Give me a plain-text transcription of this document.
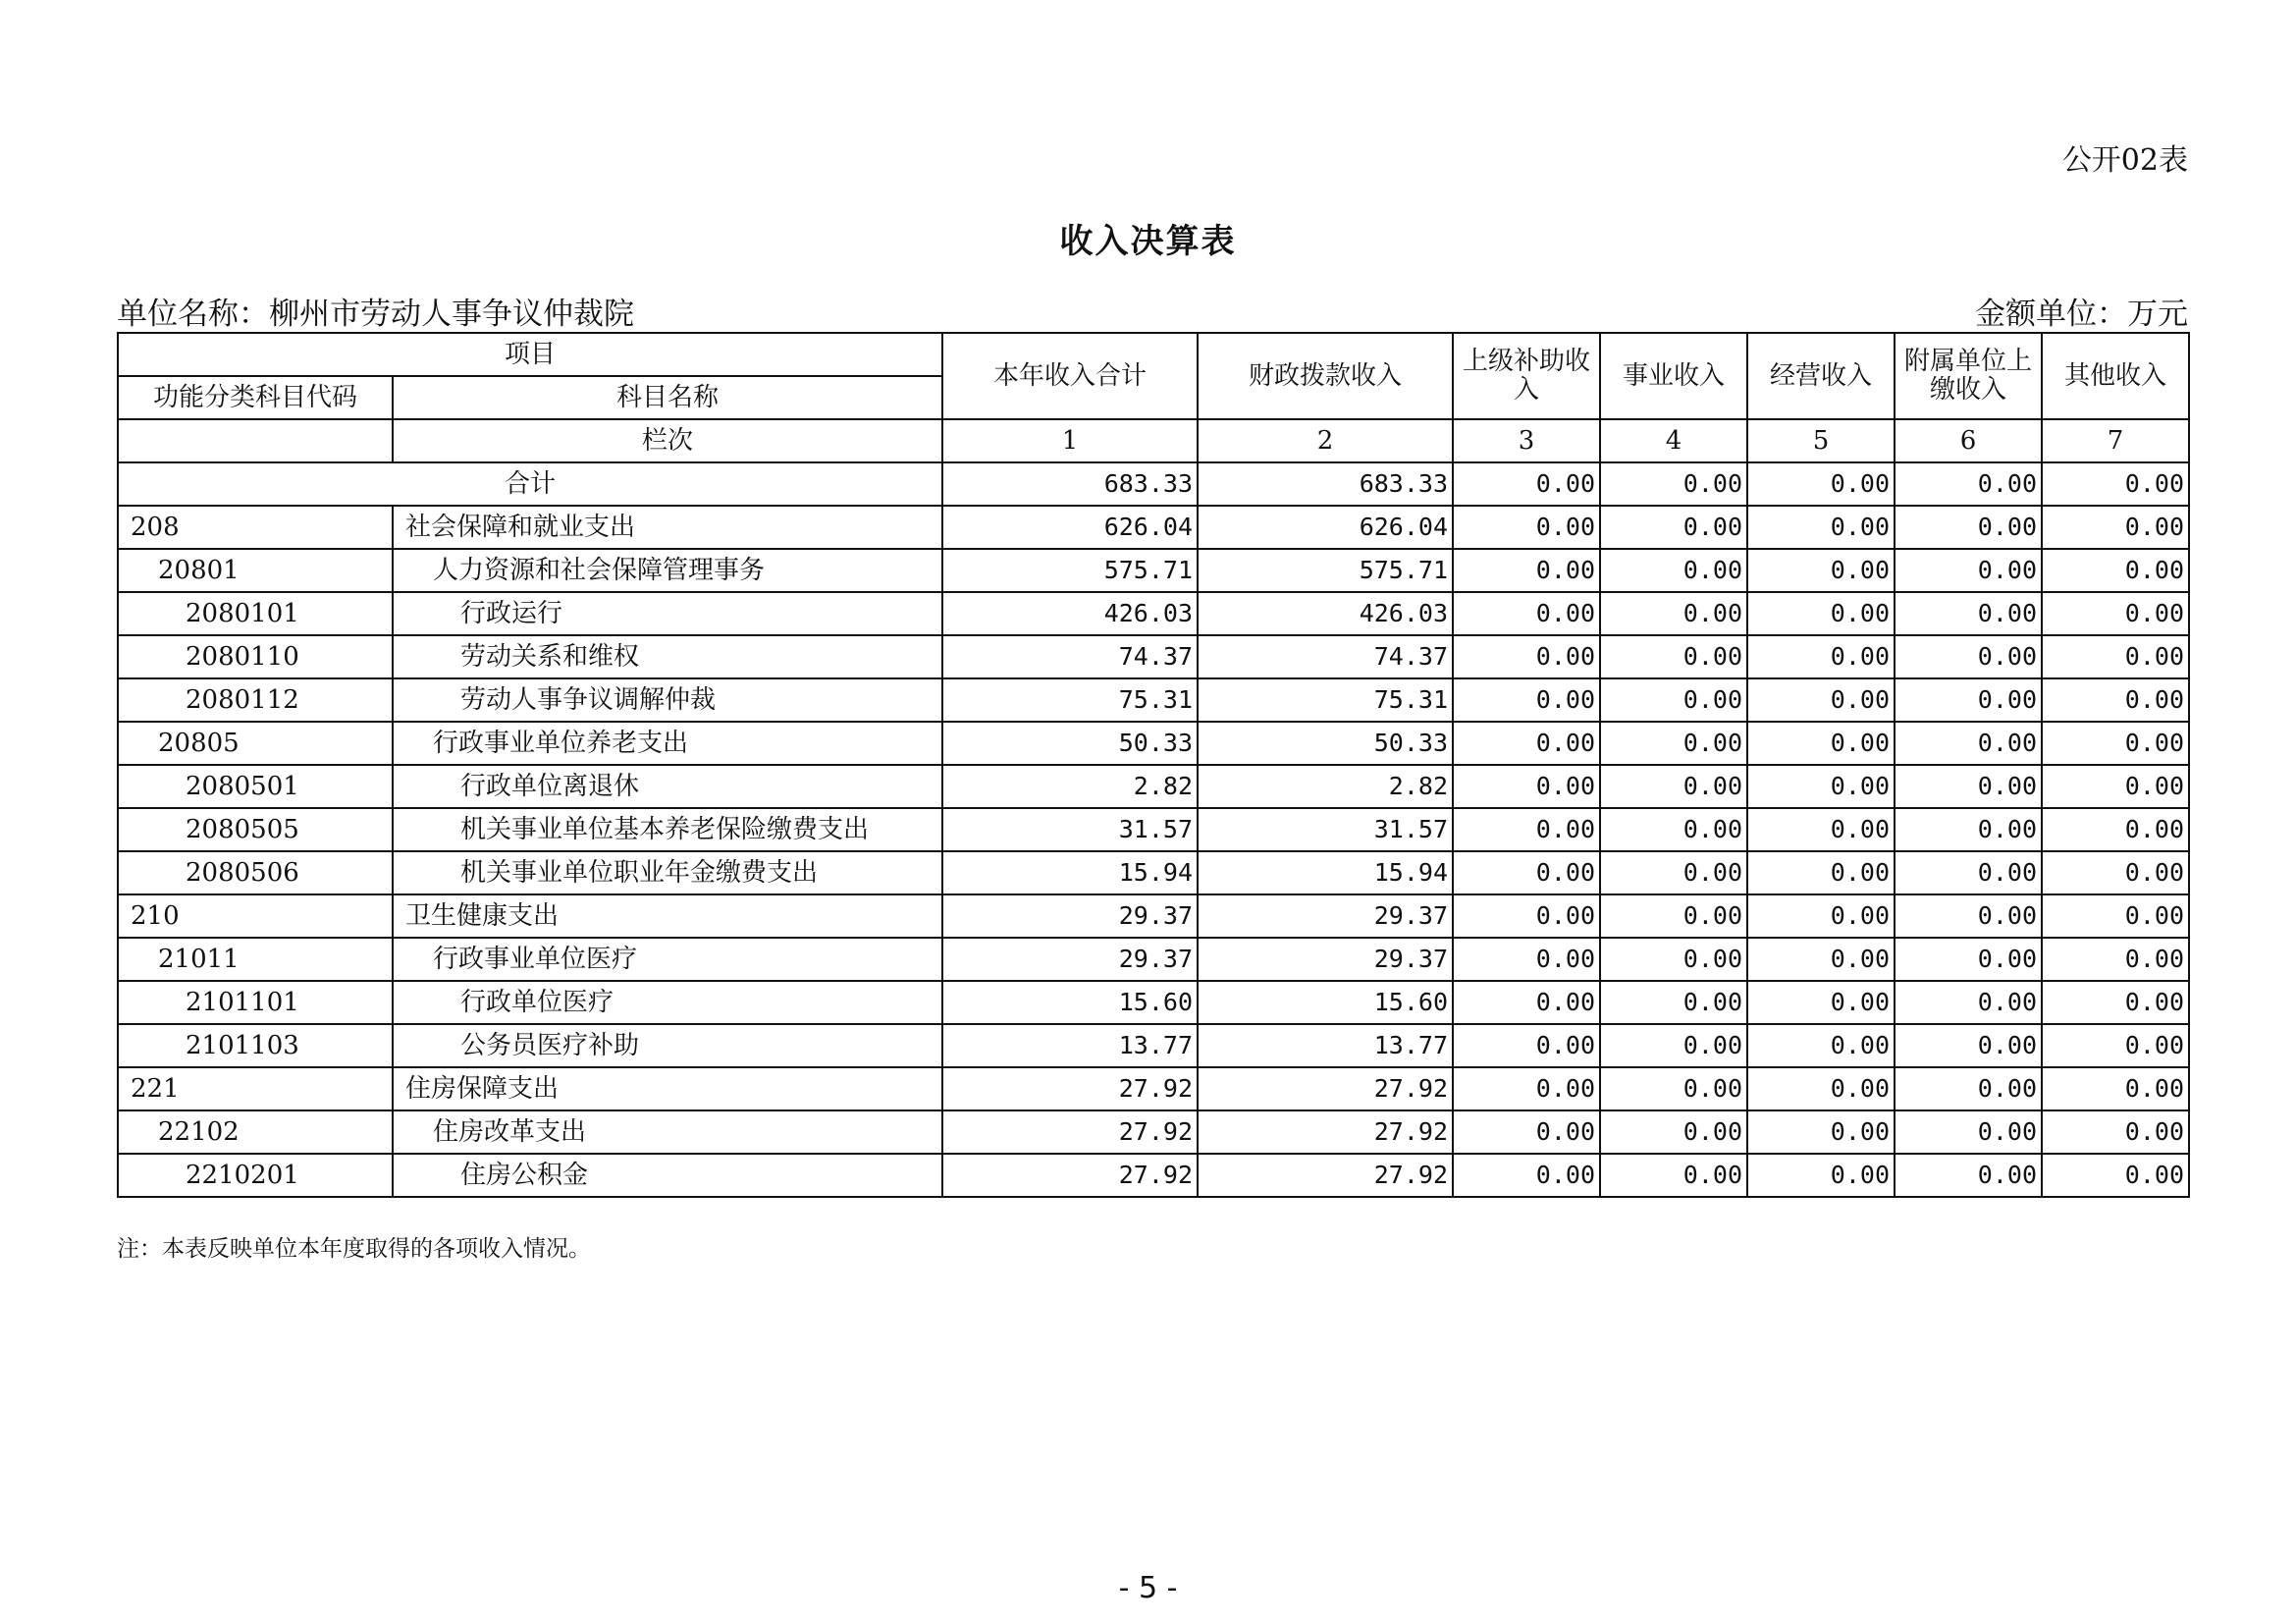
公开02表
收入决算表
单位名称：柳州市劳动人事争议仲裁院	金额单位：万元
项目		本年收入合计	财政拨款收入	上级补助收入	事业收入	经营收入	附属单位上缴收入	其他收入
功能分类科目代码	科目名称							
	栏次	1	2	3	4	5	6	7
合计		683.33	683.33	0.00	0.00	0.00	0.00	0.00
208	社会保障和就业支出	626.04	626.04	0.00	0.00	0.00	0.00	0.00
20801	人力资源和社会保障管理事务	575.71	575.71	0.00	0.00	0.00	0.00	0.00
2080101	行政运行	426.03	426.03	0.00	0.00	0.00	0.00	0.00
2080110	劳动关系和维权	74.37	74.37	0.00	0.00	0.00	0.00	0.00
2080112	劳动人事争议调解仲裁	75.31	75.31	0.00	0.00	0.00	0.00	0.00
20805	行政事业单位养老支出	50.33	50.33	0.00	0.00	0.00	0.00	0.00
2080501	行政单位离退休	2.82	2.82	0.00	0.00	0.00	0.00	0.00
2080505	机关事业单位基本养老保险缴费支出	31.57	31.57	0.00	0.00	0.00	0.00	0.00
2080506	机关事业单位职业年金缴费支出	15.94	15.94	0.00	0.00	0.00	0.00	0.00
210	卫生健康支出	29.37	29.37	0.00	0.00	0.00	0.00	0.00
21011	行政事业单位医疗	29.37	29.37	0.00	0.00	0.00	0.00	0.00
2101101	行政单位医疗	15.60	15.60	0.00	0.00	0.00	0.00	0.00
2101103	公务员医疗补助	13.77	13.77	0.00	0.00	0.00	0.00	0.00
221	住房保障支出	27.92	27.92	0.00	0.00	0.00	0.00	0.00
22102	住房改革支出	27.92	27.92	0.00	0.00	0.00	0.00	0.00
2210201	住房公积金	27.92	27.92	0.00	0.00	0.00	0.00	0.00
注：本表反映单位本年度取得的各项收入情况。
- 5 -
